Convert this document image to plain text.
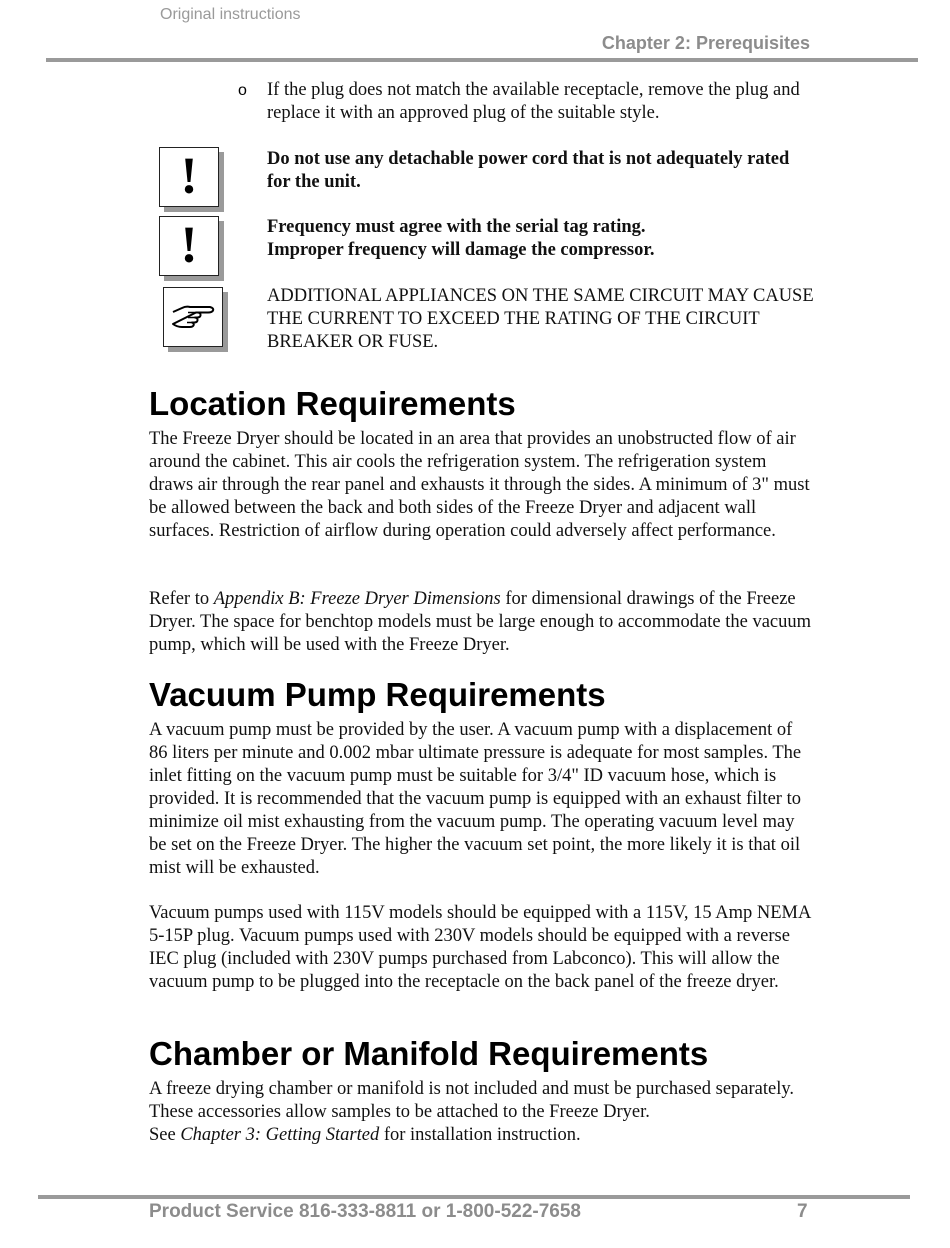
Original instructions
Chapter 2: Prerequisites
o	If the plug does not match the available receptacle, remove the plug and replace it with an approved plug of the suitable style.
!	Do not use any detachable power cord that is not adequately rated for the unit.
!	Frequency must agree with the serial tag rating.
Improper frequency will damage the compressor.
ADDITIONAL APPLIANCES ON THE SAME CIRCUIT MAY CAUSE THE CURRENT TO EXCEED THE RATING OF THE CIRCUIT BREAKER OR FUSE.
Location Requirements

The Freeze Dryer should be located in an area that provides an unobstructed flow of air around the cabinet. This air cools the refrigeration system. The refrigeration system draws air through the rear panel and exhausts it through the sides. A minimum of 3" must be allowed between the back and both sides of the Freeze Dryer and adjacent wall surfaces. Restriction of airflow during operation could adversely affect performance.

Refer to Appendix B: Freeze Dryer Dimensions for dimensional drawings of the Freeze Dryer. The space for benchtop models must be large enough to accommodate the vacuum pump, which will be used with the Freeze Dryer.

Vacuum Pump Requirements

A vacuum pump must be provided by the user. A vacuum pump with a displacement of 86 liters per minute and 0.002 mbar ultimate pressure is adequate for most samples. The inlet fitting on the vacuum pump must be suitable for 3/4" ID vacuum hose, which is provided. It is recommended that the vacuum pump is equipped with an exhaust filter to minimize oil mist exhausting from the vacuum pump. The operating vacuum level may be set on the Freeze Dryer. The higher the vacuum set point, the more likely it is that oil mist will be exhausted.

Vacuum pumps used with 115V models should be equipped with a 115V, 15 Amp NEMA 5-15P plug. Vacuum pumps used with 230V models should be equipped with a reverse IEC plug (included with 230V pumps purchased from Labconco). This will allow the vacuum pump to be plugged into the receptacle on the back panel of the freeze dryer.

Chamber or Manifold Requirements

A freeze drying chamber or manifold is not included and must be purchased separately. These accessories allow samples to be attached to the Freeze Dryer.
See Chapter 3: Getting Started for installation instruction.

Product Service 816-333-8811 or 1-800-522-7658	7
